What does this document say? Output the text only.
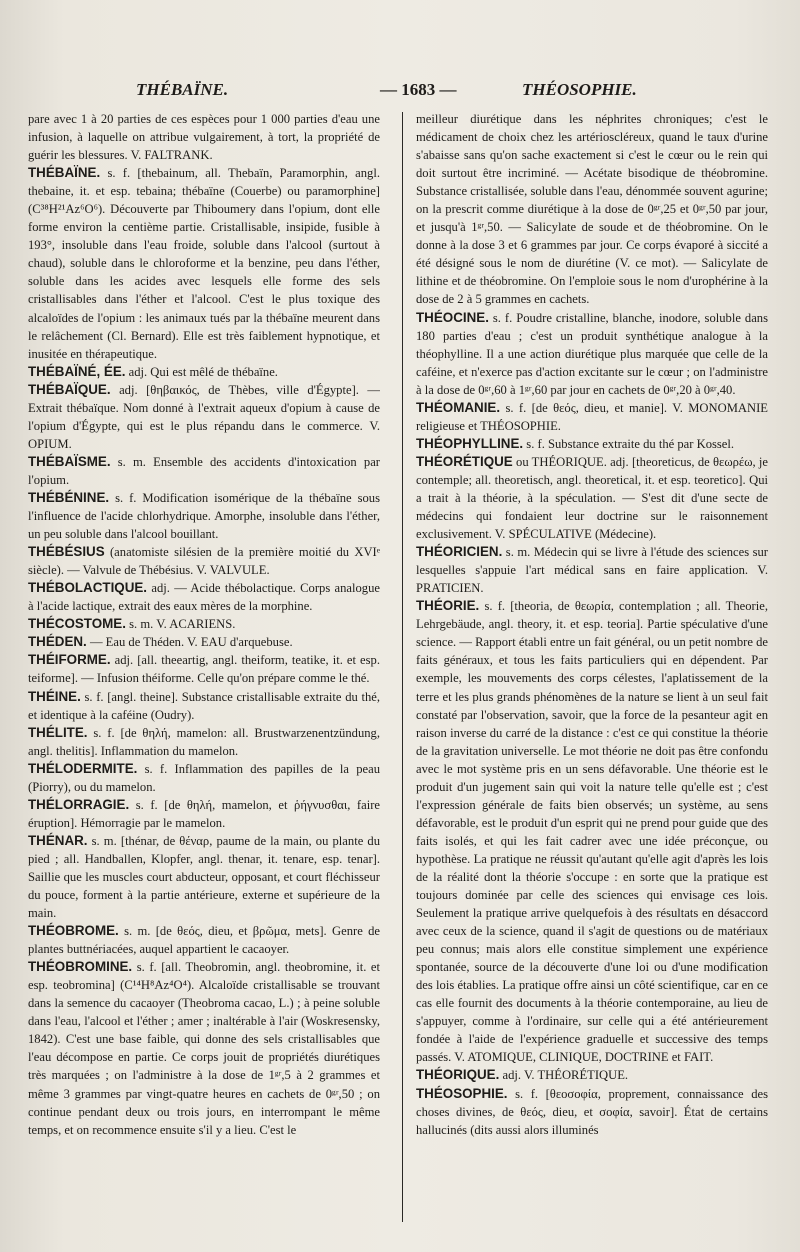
THÉBAÏNE.	— 1683 —	THÉOSOPHIE.

pare avec 1 à 20 parties de ces espèces pour 1 000 parties d'eau une infusion, à laquelle on attribue vulgairement, à tort, la propriété de guérir les blessures. V. FALTRANK.

THÉBAÏNE. s. f. [thebainum, all. Thebaïn, Paramorphin, angl. thebaine, it. et esp. tebaina; thébaïne (Couerbe) ou paramorphine] (C³⁸H²¹Az⁶O⁶). Découverte par Thiboumery dans l'opium, dont elle forme environ la centième partie. Cristallisable, insipide, fusible à 193°, insoluble dans l'eau froide, soluble dans l'alcool (surtout à chaud), soluble dans le chloroforme et la benzine, peu dans l'éther, soluble dans les acides avec lesquels elle forme des sels cristallisables dans l'éther et l'alcool. C'est le plus toxique des alcaloïdes de l'opium : les animaux tués par la thébaïne meurent dans le relâchement (Cl. Bernard). Elle est très faiblement hypnotique, et inusitée en thérapeutique.

THÉBAÏNÉ, ÉE. adj. Qui est mêlé de thébaïne.

THÉBAÏQUE. adj. [θηβαικός, de Thèbes, ville d'Égypte]. — Extrait thébaïque. Nom donné à l'extrait aqueux d'opium à cause de l'opium d'Égypte, qui est le plus répandu dans le commerce. V. OPIUM.

THÉBAÏSME. s. m. Ensemble des accidents d'intoxication par l'opium.

THÉBÉNINE. s. f. Modification isomérique de la thébaïne sous l'influence de l'acide chlorhydrique. Amorphe, insoluble dans l'éther, un peu soluble dans l'alcool bouillant.

THÉBÉSIUS (anatomiste silésien de la première moitié du XVIᵉ siècle). — Valvule de Thébésius. V. VALVULE.

THÉBOLACTIQUE. adj. — Acide thébolactique. Corps analogue à l'acide lactique, extrait des eaux mères de la morphine.

THÉCOSTOME. s. m. V. ACARIENS.

THÉDEN. — Eau de Théden. V. EAU d'arquebuse.

THÉIFORME. adj. [all. theeartig, angl. theiform, teatike, it. et esp. teiforme]. — Infusion théiforme. Celle qu'on prépare comme le thé.

THÉINE. s. f. [angl. theine]. Substance cristallisable extraite du thé, et identique à la caféine (Oudry).

THÉLITE. s. f. [de θηλή, mamelon: all. Brustwarzenentzündung, angl. thelitis]. Inflammation du mamelon.

THÉLODERMITE. s. f. Inflammation des papilles de la peau (Piorry), ou du mamelon.

THÉLORRAGIE. s. f. [de θηλή, mamelon, et ῥήγνυσθαι, faire éruption]. Hémorragie par le mamelon.

THÉNAR. s. m. [thénar, de θέναρ, paume de la main, ou plante du pied ; all. Handballen, Klopfer, angl. thenar, it. tenare, esp. tenar]. Saillie que les muscles court abducteur, opposant, et court fléchisseur du pouce, forment à la partie antérieure, externe et supérieure de la main.

THÉOBROME. s. m. [de θεός, dieu, et βρῶμα, mets]. Genre de plantes buttnériacées, auquel appartient le cacaoyer.

THÉOBROMINE. s. f. [all. Theobromin, angl. theobromine, it. et esp. teobromina] (C¹⁴H⁸Az⁴O⁴). Alcaloïde cristallisable se trouvant dans la semence du cacaoyer (Theobroma cacao, L.) ; à peine soluble dans l'eau, l'alcool et l'éther ; amer ; inaltérable à l'air (Woskresensky, 1842). C'est une base faible, qui donne des sels cristallisables que l'eau décompose en partie. Ce corps jouit de propriétés diurétiques très marquées ; on l'administre à la dose de 1ᵍʳ,5 à 2 grammes et même 3 grammes par vingt-quatre heures en cachets de 0ᵍʳ,50 ; on continue pendant deux ou trois jours, en interrompant le même temps, et on recommence ensuite s'il y a lieu. C'est le

meilleur diurétique dans les néphrites chroniques; c'est le médicament de choix chez les artérioscléreux, quand le taux d'urine s'abaisse sans qu'on sache exactement si c'est le cœur ou le rein qui doit surtout être incriminé. — Acétate bisodique de théobromine. Substance cristallisée, soluble dans l'eau, dénommée souvent agurine; on la prescrit comme diurétique à la dose de 0ᵍʳ,25 et 0ᵍʳ,50 par jour, et jusqu'à 1ᵍʳ,50. — Salicylate de soude et de théobromine. On le donne à la dose 3 et 6 grammes par jour. Ce corps évaporé à siccité a été désigné sous le nom de diurétine (V. ce mot). — Salicylate de lithine et de théobromine. On l'emploie sous le nom d'urophérine à la dose de 2 à 5 grammes en cachets.

THÉOCINE. s. f. Poudre cristalline, blanche, inodore, soluble dans 180 parties d'eau ; c'est un produit synthétique analogue à la théophylline. Il a une action diurétique plus marquée que celle de la caféine, et n'exerce pas d'action excitante sur le cœur ; on l'administre à la dose de 0ᵍʳ,60 à 1ᵍʳ,60 par jour en cachets de 0ᵍʳ,20 à 0ᵍʳ,40.

THÉOMANIE. s. f. [de θεός, dieu, et manie]. V. MONOMANIE religieuse et THÉOSOPHIE.

THÉOPHYLLINE. s. f. Substance extraite du thé par Kossel.

THÉORÉTIQUE ou THÉORIQUE. adj. [theoreticus, de θεωρέω, je contemple; all. theoretisch, angl. theoretical, it. et esp. teoretico]. Qui a trait à la théorie, à la spéculation. — S'est dit d'une secte de médecins qui fondaient leur doctrine sur le raisonnement exclusivement. V. SPÉCULATIVE (Médecine).

THÉORICIEN. s. m. Médecin qui se livre à l'étude des sciences sur lesquelles s'appuie l'art médical sans en faire application. V. PRATICIEN.

THÉORIE. s. f. [theoria, de θεωρία, contemplation ; all. Theorie, Lehrgebäude, angl. theory, it. et esp. teoria]. Partie spéculative d'une science. — Rapport établi entre un fait général, ou un petit nombre de faits généraux, et tous les faits particuliers qui en dépendent. Par exemple, les mouvements des corps célestes, l'aplatissement de la terre et les plus grands phénomènes de la nature se lient à un seul fait constaté par l'observation, savoir, que la force de la pesanteur agit en raison inverse du carré de la distance : c'est ce qui constitue la théorie de la gravitation universelle. Le mot théorie ne doit pas être confondu avec le mot système pris en un sens défavorable. Une théorie est le produit d'un jugement sain qui voit la nature telle qu'elle est ; c'est l'expression générale de faits bien observés; un système, au sens défavorable, est le produit d'un esprit qui ne prend pour guide que des faits isolés, et qui les fait cadrer avec une idée préconçue, ou hypothèse. La pratique ne réussit qu'autant qu'elle agit d'après les lois de la réalité dont la théorie s'occupe : en sorte que la pratique est toujours dominée par celle des sciences qui envisage ces lois. Seulement la pratique arrive quelquefois à des résultats en désaccord avec ceux de la science, quand il s'agit de questions ou de matériaux peu connus; mais alors elle constitue simplement une expérience spontanée, source de la découverte d'une loi ou d'une modification des lois établies. La pratique offre ainsi un côté scientifique, car en ce cas elle fournit des documents à la théorie contemporaine, au lieu de s'appuyer, comme à l'ordinaire, sur celle qui a été antérieurement fondée à l'aide de l'expérience graduelle et successive des temps passés. V. ATOMIQUE, CLINIQUE, DOCTRINE et FAIT.

THÉORIQUE. adj. V. THÉORÉTIQUE.

THÉOSOPHIE. s. f. [θεοσοφία, proprement, connaissance des choses divines, de θεός, dieu, et σοφία, savoir]. État de certains hallucinés (dits aussi alors illuminés
